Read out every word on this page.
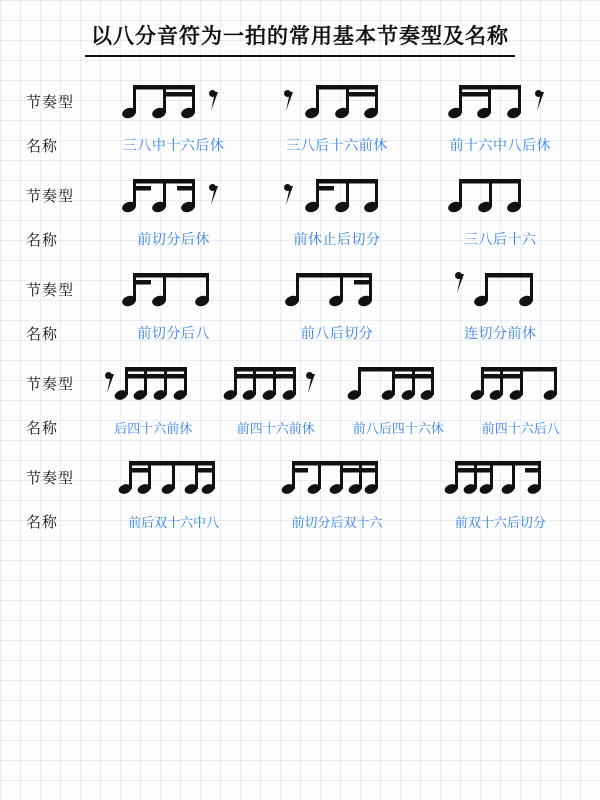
以八分音符为一拍的常用基本节奏型及名称
节奏型
名称	三八中十六后休	三八后十六前休	前十六中八后休
节奏型
名称	前切分后休	前休止后切分	三八后十六
节奏型
名称	前切分后八	前八后切分	连切分前休
节奏型
名称	后四十六前休	前四十六前休	前八后四十六休	前四十六后八
节奏型
名称	前后双十六中八	前切分后双十六	前双十六后切分
